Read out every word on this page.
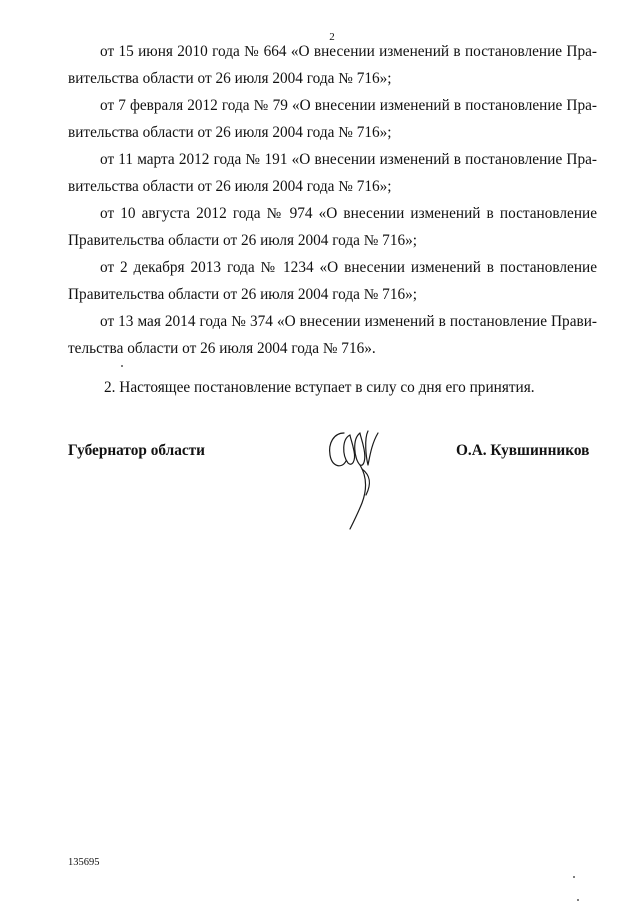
2
от 15 июня 2010 года № 664 «О внесении изменений в постановление Пра-
вительства области от 26 июля 2004 года № 716»;
от 7 февраля 2012 года № 79 «О внесении изменений в постановление Пра-
вительства области от 26 июля 2004 года № 716»;
от 11 марта 2012 года № 191 «О внесении изменений в постановление Пра-
вительства области от 26 июля 2004 года № 716»;
от 10 августа 2012 года № 974 «О внесении изменений в постановление
Правительства области от 26 июля 2004 года № 716»;
от 2 декабря 2013 года № 1234 «О внесении изменений в постановление
Правительства области от 26 июля 2004 года № 716»;
от 13 мая 2014 года № 374 «О внесении изменений в постановление Прави-
тельства области от 26 июля 2004 года № 716».
2. Настоящее постановление вступает в силу со дня его принятия.
Губернатор области	О.А. Кувшинников
135695
